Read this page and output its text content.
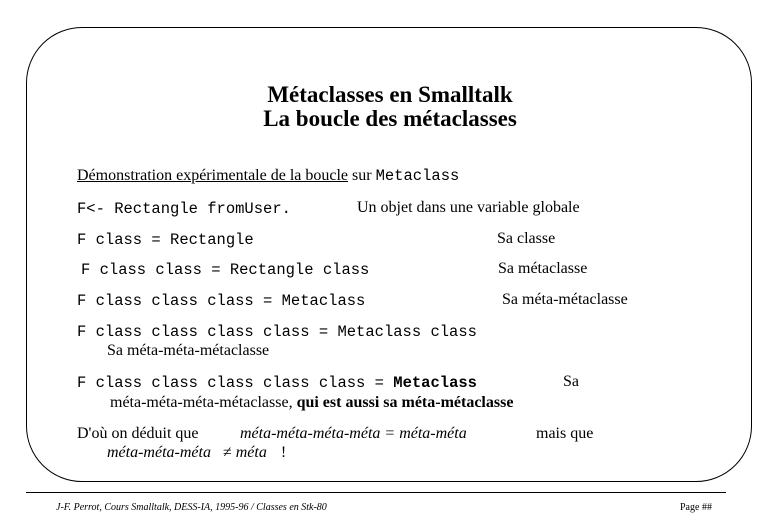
Métaclasses en Smalltalk
La boucle des métaclasses
Démonstration expérimentale de la boucle sur Metaclass
F<- Rectangle fromUser.	Un objet dans une variable globale
F class = Rectangle	Sa classe
F class class = Rectangle class	Sa métaclasse
F class class class = Metaclass	Sa méta-métaclasse
F class class class class = Metaclass class
Sa méta-méta-métaclasse
F class class class class class = Metaclass	Sa
méta-méta-méta-métaclasse, qui est aussi sa méta-métaclasse
D'où on déduit que	méta-méta-méta-méta = méta-méta	mais que
méta-méta-méta ≠ méta !
J-F. Perrot, Cours Smalltalk, DESS-IA, 1995-96 / Classes en Stk-80	Page ##
